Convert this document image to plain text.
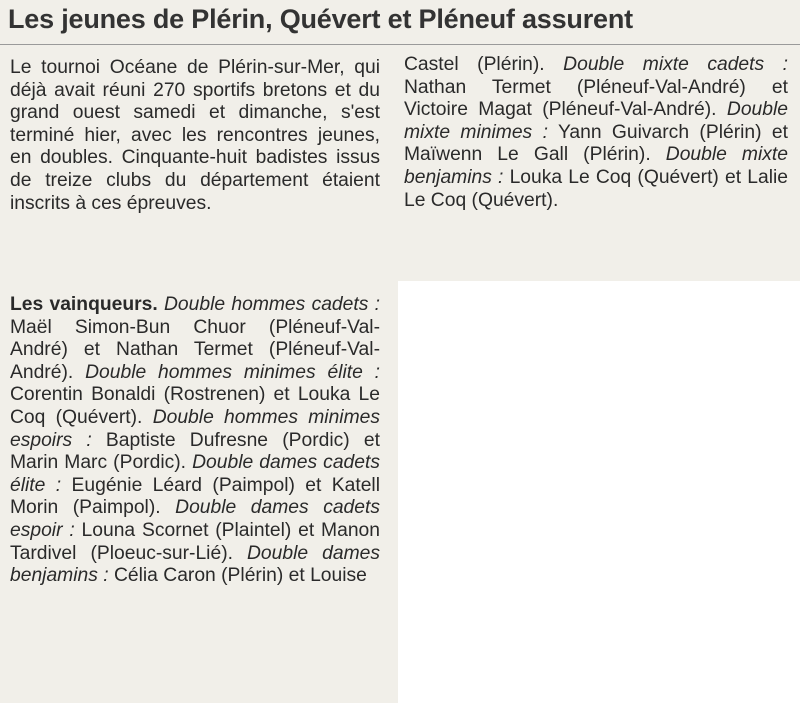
Les jeunes de Plérin, Quévert et Pléneuf assurent
Le tournoi Océane de Plérin-sur-Mer, qui déjà avait réuni 270 sportifs bretons et du grand ouest samedi et dimanche, s'est terminé hier, avec les rencontres jeunes, en doubles. Cinquante-huit badistes issus de treize clubs du département étaient inscrits à ces épreuves.
Les vainqueurs. Double hommes cadets : Maël Simon-Bun Chuor (Pléneuf-Val-André) et Nathan Termet (Pléneuf-Val-André). Double hommes minimes élite : Corentin Bonaldi (Rostrenen) et Louka Le Coq (Quévert). Double hommes minimes espoirs : Baptiste Dufresne (Pordic) et Marin Marc (Pordic). Double dames cadets élite : Eugénie Léard (Paimpol) et Katell Morin (Paimpol). Double dames cadets espoir : Louna Scornet (Plaintel) et Manon Tardivel (Ploeuc-sur-Lié). Double dames benjamins : Célia Caron (Plérin) et Louise
Castel (Plérin). Double mixte cadets : Nathan Termet (Pléneuf-Val-André) et Victoire Magat (Pléneuf-Val-André). Double mixte minimes : Yann Guivarch (Plérin) et Maïwenn Le Gall (Plérin). Double mixte benjamins : Louka Le Coq (Quévert) et Lalie Le Coq (Quévert).
